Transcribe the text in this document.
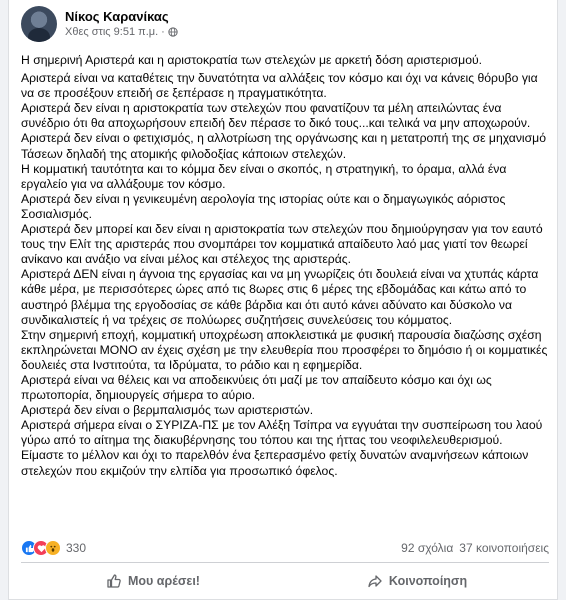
Νίκος Καρανίκας
Χθες στις 9:51 π.μ. ·

Η σημερινή Αριστερά και η αριστοκρατία των στελεχών με αρκετή δόση αριστερισμού.

Αριστερά είναι να καταθέτεις την δυνατότητα να αλλάξεις τον κόσμο και όχι να κάνεις θόρυβο για να σε προσέξουν επειδή σε ξεπέρασε η πραγματικότητα.

Αριστερά δεν είναι η αριστοκρατία των στελεχών που φανατίζουν τα μέλη απειλώντας ένα συνέδριο ότι θα αποχωρήσουν επειδή δεν πέρασε το δικό τους...και τελικά να μην αποχωρούν.

Αριστερά δεν είναι ο φετιχισμός, η αλλοτρίωση της οργάνωσης και η μετατροπή της σε μηχανισμό Τάσεων δηλαδή της ατομικής φιλοδοξίας κάποιων στελεχών.

Η κομματική ταυτότητα και το κόμμα δεν είναι ο σκοπός, η στρατηγική, το όραμα, αλλά ένα εργαλείο για να αλλάξουμε τον κόσμο.

Αριστερά δεν είναι η γενικευμένη αερολογία της ιστορίας ούτε και ο δημαγωγικός αόριστος Σοσιαλισμός.

Αριστερά δεν μπορεί και δεν είναι η αριστοκρατία των στελεχών που δημιούργησαν για τον εαυτό τους την Ελίτ της αριστεράς που σνομπάρει τον κομματικά απαίδευτο λαό μας γιατί τον θεωρεί ανίκανο και ανάξιο να είναι μέλος και στέλεχος της αριστεράς.

Αριστερά ΔΕΝ είναι η άγνοια της εργασίας και να μη γνωρίζεις ότι δουλειά είναι να χτυπάς κάρτα κάθε μέρα, με περισσότερες ώρες από τις 8ωρες στις 6 μέρες της εβδομάδας και κάτω από το αυστηρό βλέμμα της εργοδοσίας σε κάθε βάρδια και ότι αυτό κάνει αδύνατο και δύσκολο να συνδικαλιστείς ή να τρέχεις σε πολύωρες συζητήσεις συνελεύσεις του κόμματος.

Στην σημερινή εποχή, κομματική υποχρέωση αποκλειστικά με φυσική παρουσία διαζώσης σχέση εκπληρώνεται ΜΟΝΟ αν έχεις σχέση με την ελευθερία που προσφέρει το δημόσιο ή οι κομματικές δουλειές στα Ινστιτούτα, τα Ιδρύματα, το ράδιο και η εφημερίδα.

Αριστερά είναι να θέλεις και να αποδεικνύεις ότι μαζί με τον απαίδευτο κόσμο και όχι ως πρωτοπορία, δημιουργείς σήμερα το αύριο.

Αριστερά δεν είναι ο βερμπαλισμός των αριστεριστών.

Αριστερά σήμερα είναι ο ΣΥΡΙΖΑ-ΠΣ με τον Αλέξη Τσίπρα να εγγυάται την συσπείρωση του λαού γύρω από το αίτημα της διακυβέρνησης του τόπου και της ήττας του νεοφιλελευθερισμού.

Είμαστε το μέλλον και όχι το παρελθόν ένα ξεπερασμένο φετίχ δυνατών αναμνήσεων κάποιων στελεχών που εκμιζούν την ελπίδα για προσωπικό όφελος.

330	92 σχόλια 37 κοινοποιήσεις
Μου αρέσει!	Κοινοποίηση
